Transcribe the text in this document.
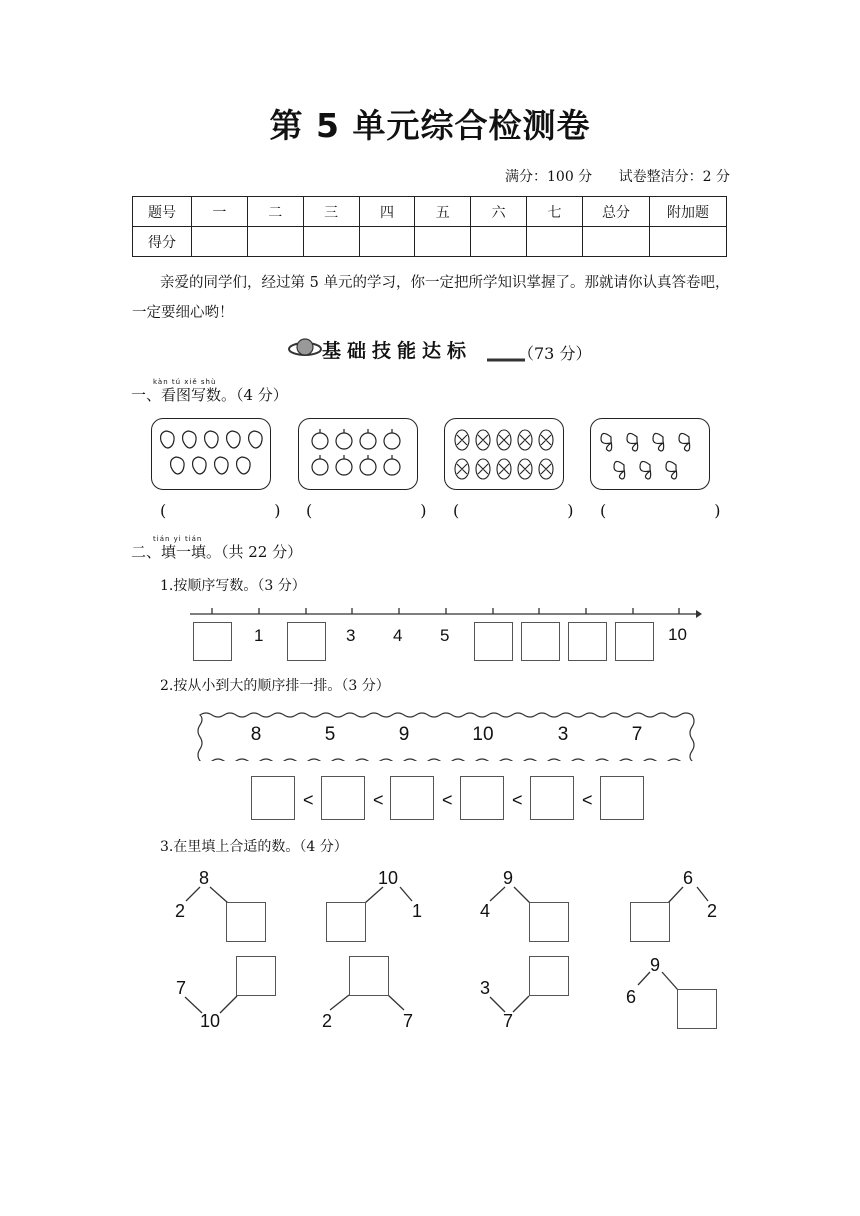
第 5 单元综合检测卷
满分：100 分 试卷整洁分：2 分
题号	一	二	三	四	五	六	七	总分	附加题
得分									
亲爱的同学们，经过第 5 单元的学习，你一定把所学知识掌握了。那就请你认真答卷吧，一定要细心哟！
基础技能达标	（73 分）
kàn tú xiě shù
一、看图写数。（4 分）
(　)
(　)
(　)
(　)
tián yi tián
二、填一填。（共 22 分）
1.按顺序写数。（3 分）
1	3 4 5	10
2.按从小到大的顺序排一排。（3 分）
8	5	9	10	3	7
<	<	<	<	<
3.在里填上合适的数。（4 分）
8
2
10
1
9
4
6
2
7
10	2	7
3
7
9
6
